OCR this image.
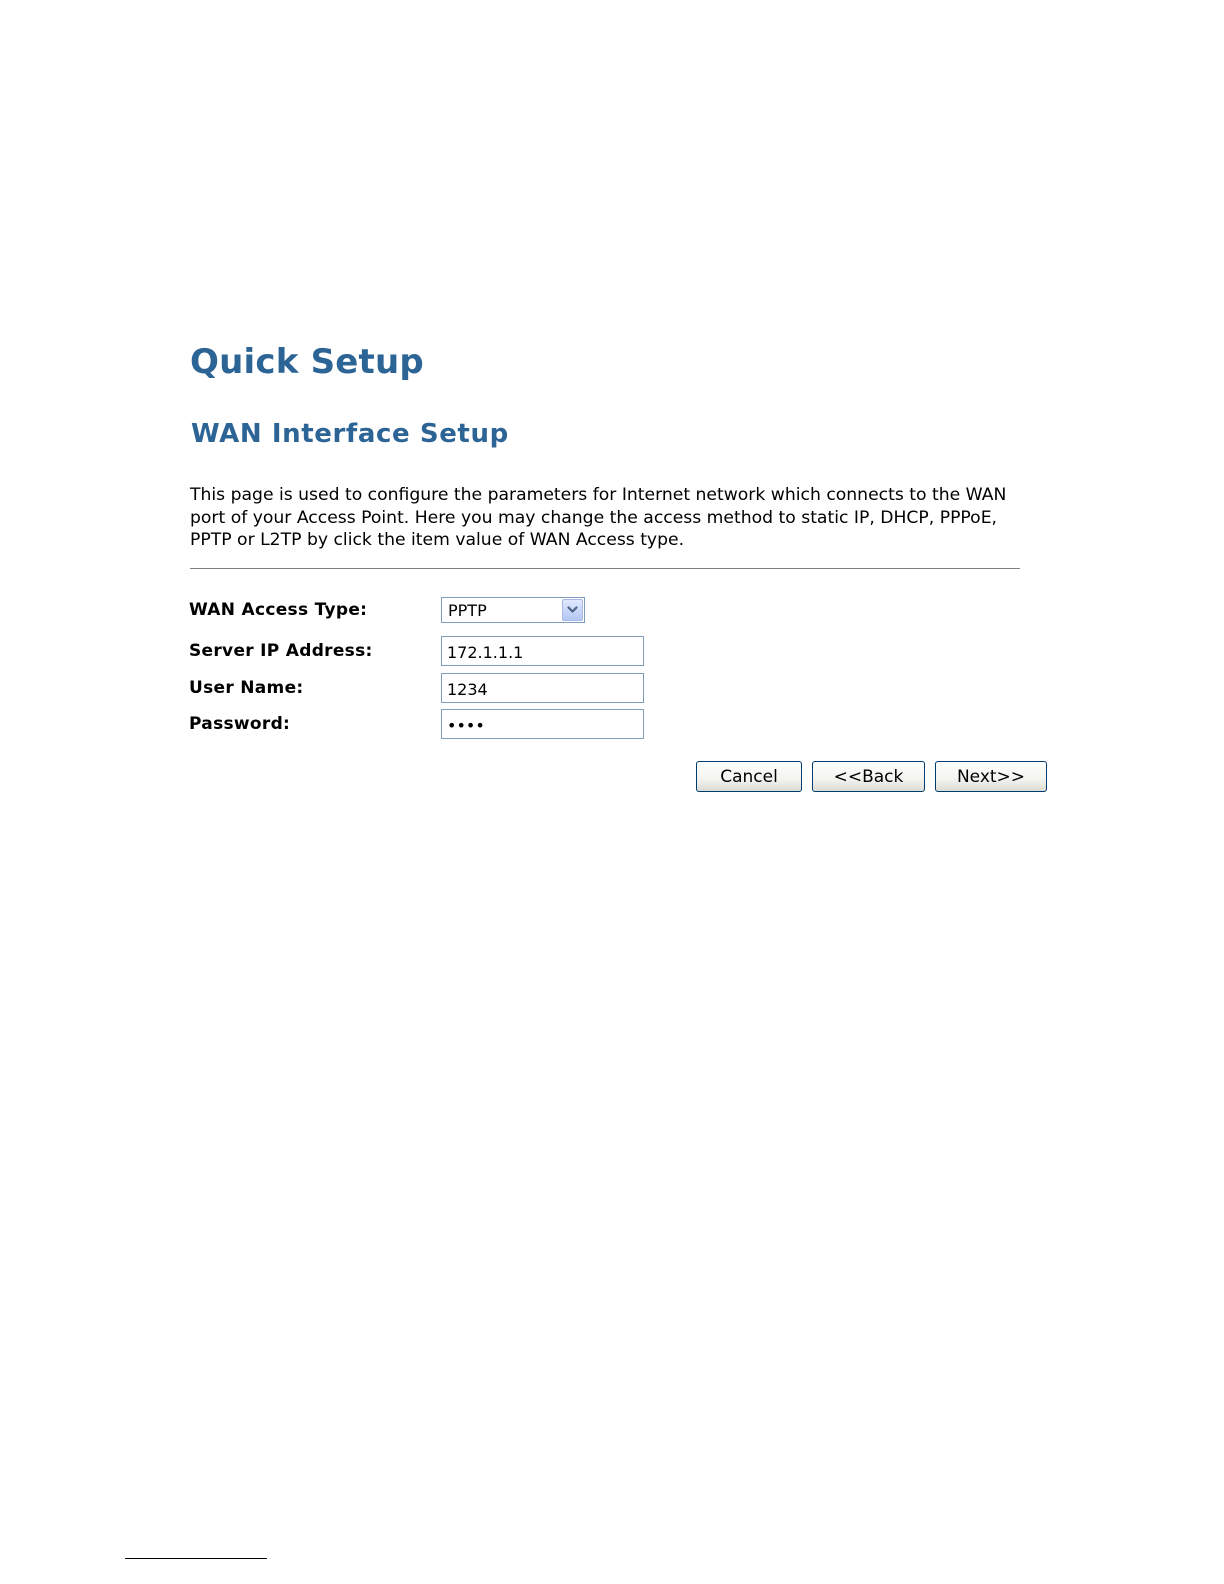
Quick Setup
WAN Interface Setup

This page is used to configure the parameters for Internet network which connects to the WAN port of your Access Point. Here you may change the access method to static IP, DHCP, PPPoE, PPTP or L2TP by click the item value of WAN Access type.

WAN Access Type:	PPTP
Server IP Address:
172.1.1.1
User Name:
1234
Password:
Cancel	<<Back	Next>>
